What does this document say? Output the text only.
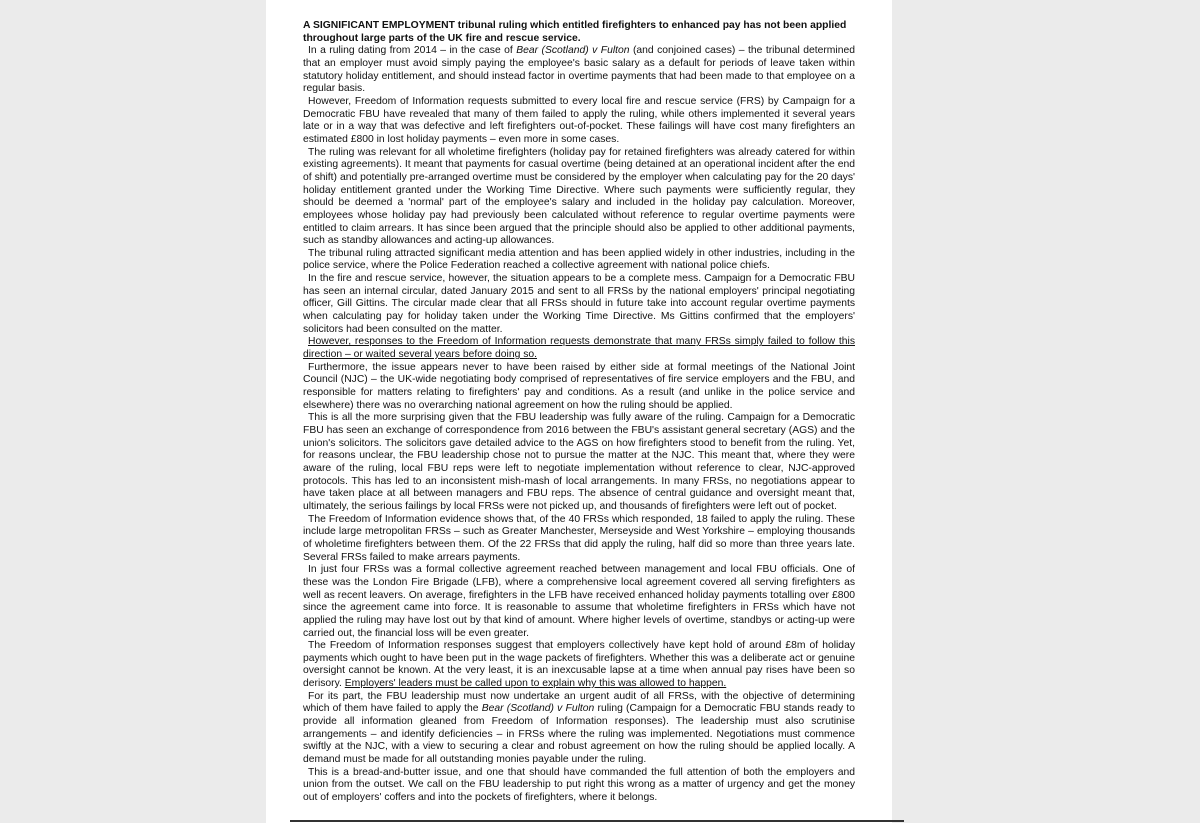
A SIGNIFICANT EMPLOYMENT tribunal ruling which entitled firefighters to enhanced pay has not been applied throughout large parts of the UK fire and rescue service.

In a ruling dating from 2014 – in the case of Bear (Scotland) v Fulton (and conjoined cases) – the tribunal determined that an employer must avoid simply paying the employee's basic salary as a default for periods of leave taken within statutory holiday entitlement, and should instead factor in overtime payments that had been made to that employee on a regular basis.

However, Freedom of Information requests submitted to every local fire and rescue service (FRS) by Campaign for a Democratic FBU have revealed that many of them failed to apply the ruling, while others implemented it several years late or in a way that was defective and left firefighters out-of-pocket. These failings will have cost many firefighters an estimated £800 in lost holiday payments – even more in some cases.

The ruling was relevant for all wholetime firefighters (holiday pay for retained firefighters was already catered for within existing agreements). It meant that payments for casual overtime (being detained at an operational incident after the end of shift) and potentially pre-arranged overtime must be considered by the employer when calculating pay for the 20 days' holiday entitlement granted under the Working Time Directive. Where such payments were sufficiently regular, they should be deemed a 'normal' part of the employee's salary and included in the holiday pay calculation. Moreover, employees whose holiday pay had previously been calculated without reference to regular overtime payments were entitled to claim arrears. It has since been argued that the principle should also be applied to other additional payments, such as standby allowances and acting-up allowances.

The tribunal ruling attracted significant media attention and has been applied widely in other industries, including in the police service, where the Police Federation reached a collective agreement with national police chiefs.

In the fire and rescue service, however, the situation appears to be a complete mess. Campaign for a Democratic FBU has seen an internal circular, dated January 2015 and sent to all FRSs by the national employers' principal negotiating officer, Gill Gittins. The circular made clear that all FRSs should in future take into account regular overtime payments when calculating pay for holiday taken under the Working Time Directive. Ms Gittins confirmed that the employers' solicitors had been consulted on the matter.

However, responses to the Freedom of Information requests demonstrate that many FRSs simply failed to follow this direction – or waited several years before doing so.

Furthermore, the issue appears never to have been raised by either side at formal meetings of the National Joint Council (NJC) – the UK-wide negotiating body comprised of representatives of fire service employers and the FBU, and responsible for matters relating to firefighters' pay and conditions. As a result (and unlike in the police service and elsewhere) there was no overarching national agreement on how the ruling should be applied.

This is all the more surprising given that the FBU leadership was fully aware of the ruling. Campaign for a Democratic FBU has seen an exchange of correspondence from 2016 between the FBU's assistant general secretary (AGS) and the union's solicitors. The solicitors gave detailed advice to the AGS on how firefighters stood to benefit from the ruling. Yet, for reasons unclear, the FBU leadership chose not to pursue the matter at the NJC. This meant that, where they were aware of the ruling, local FBU reps were left to negotiate implementation without reference to clear, NJC-approved protocols. This has led to an inconsistent mish-mash of local arrangements. In many FRSs, no negotiations appear to have taken place at all between managers and FBU reps. The absence of central guidance and oversight meant that, ultimately, the serious failings by local FRSs were not picked up, and thousands of firefighters were left out of pocket.

The Freedom of Information evidence shows that, of the 40 FRSs which responded, 18 failed to apply the ruling. These include large metropolitan FRSs – such as Greater Manchester, Merseyside and West Yorkshire – employing thousands of wholetime firefighters between them. Of the 22 FRSs that did apply the ruling, half did so more than three years late. Several FRSs failed to make arrears payments.

In just four FRSs was a formal collective agreement reached between management and local FBU officials. One of these was the London Fire Brigade (LFB), where a comprehensive local agreement covered all serving firefighters as well as recent leavers. On average, firefighters in the LFB have received enhanced holiday payments totalling over £800 since the agreement came into force. It is reasonable to assume that wholetime firefighters in FRSs which have not applied the ruling may have lost out by that kind of amount. Where higher levels of overtime, standbys or acting-up were carried out, the financial loss will be even greater.

The Freedom of Information responses suggest that employers collectively have kept hold of around £8m of holiday payments which ought to have been put in the wage packets of firefighters. Whether this was a deliberate act or genuine oversight cannot be known. At the very least, it is an inexcusable lapse at a time when annual pay rises have been so derisory. Employers' leaders must be called upon to explain why this was allowed to happen.

For its part, the FBU leadership must now undertake an urgent audit of all FRSs, with the objective of determining which of them have failed to apply the Bear (Scotland) v Fulton ruling (Campaign for a Democratic FBU stands ready to provide all information gleaned from Freedom of Information responses). The leadership must also scrutinise arrangements – and identify deficiencies – in FRSs where the ruling was implemented. Negotiations must commence swiftly at the NJC, with a view to securing a clear and robust agreement on how the ruling should be applied locally. A demand must be made for all outstanding monies payable under the ruling.

This is a bread-and-butter issue, and one that should have commanded the full attention of both the employers and union from the outset. We call on the FBU leadership to put right this wrong as a matter of urgency and get the money out of employers' coffers and into the pockets of firefighters, where it belongs.
